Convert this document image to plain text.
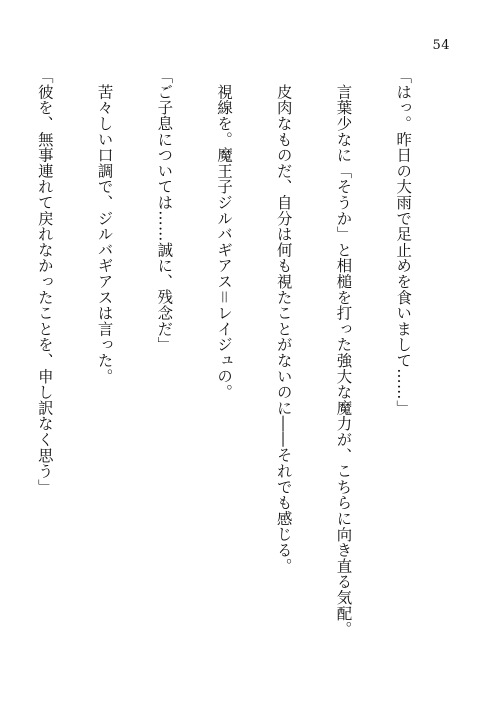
54

「はっ。昨日の大雨で足止めを食いまして……」

　言葉少なに「そうか」と相槌を打った強大な魔力が、こちらに向き直る気配。

　皮肉なものだ、自分は何も視たことがないのに――それでも感じる。

　視線を。魔王子ジルバギアス＝レイジュの。

「ご子息については……誠に、残念だ」

　苦々しい口調で、ジルバギアスは言った。

「彼を、無事連れて戻れなかったことを、申し訳なく思う」
